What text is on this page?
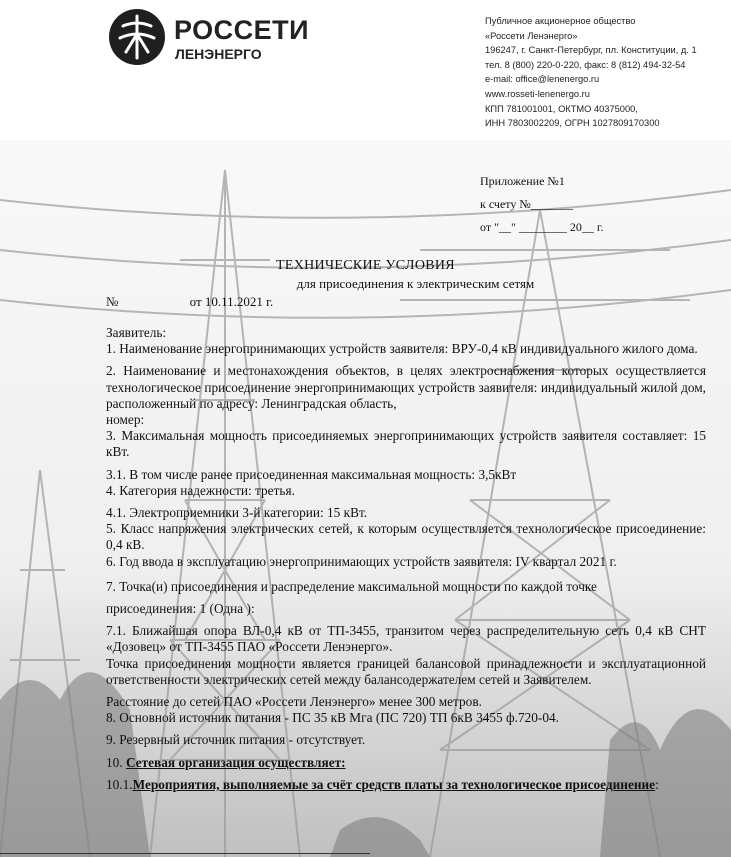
РОССЕТИ
ЛЕНЭНЕРГО
Публичное акционерное общество
«Россети Ленэнерго»
196247, г. Санкт-Петербург, пл. Конституции, д. 1
тел. 8 (800) 220-0-220, факс: 8 (812) 494-32-54
e-mail: office@lenenergo.ru
www.rosseti-lenenergo.ru
КПП 781001001, ОКТМО 40375000,
ИНН 7803002209, ОГРН 1027809170300
Приложение №1
к счету №_______
от "__" ________ 20__ г.
ТЕХНИЧЕСКИЕ УСЛОВИЯ
для присоединения к электрическим сетям
№	от 10.11.2021 г.

Заявитель:

1. Наименование энергопринимающих устройств заявителя: ВРУ-0,4 кВ индивидуального жилого дома.

2. Наименование и местонахождения объектов, в целях электроснабжения которых осуществляется технологическое присоединение энергопринимающих устройств заявителя: индивидуальный жилой дом, расположенный по адресу: Ленинградская область,

номер:

3. Максимальная мощность присоединяемых энергопринимающих устройств заявителя составляет: 15 кВт.

3.1. В том числе ранее присоединенная максимальная мощность: 3,5кВт

4. Категория надежности: третья.

4.1. Электроприемники 3-й категории: 15 кВт.

5. Класс напряжения электрических сетей, к которым осуществляется технологическое присоединение: 0,4 кВ.

6. Год ввода в эксплуатацию энергопринимающих устройств заявителя: IV квартал 2021 г.

7. Точка(и) присоединения и распределение максимальной мощности по каждой точке

присоединения: 1 (Одна ):

7.1. Ближайшая опора ВЛ-0,4 кВ от ТП-3455, транзитом через распределительную сеть 0,4 кВ СНТ «Дозовец» от ТП-3455 ПАО «Россети Ленэнерго».

Точка присоединения мощности является границей балансовой принадлежности и эксплуатационной ответственности электрических сетей между балансодержателем сетей и Заявителем.

Расстояние до сетей ПАО «Россети Ленэнерго» менее 300 метров.

8. Основной источник питания - ПС 35 кВ Мга (ПС 720) ТП 6кВ 3455 ф.720-04.

9. Резервный источник питания - отсутствует.

10. Сетевая организация осуществляет:

10.1.Мероприятия, выполняемые за счёт средств платы за технологическое присоединение:
